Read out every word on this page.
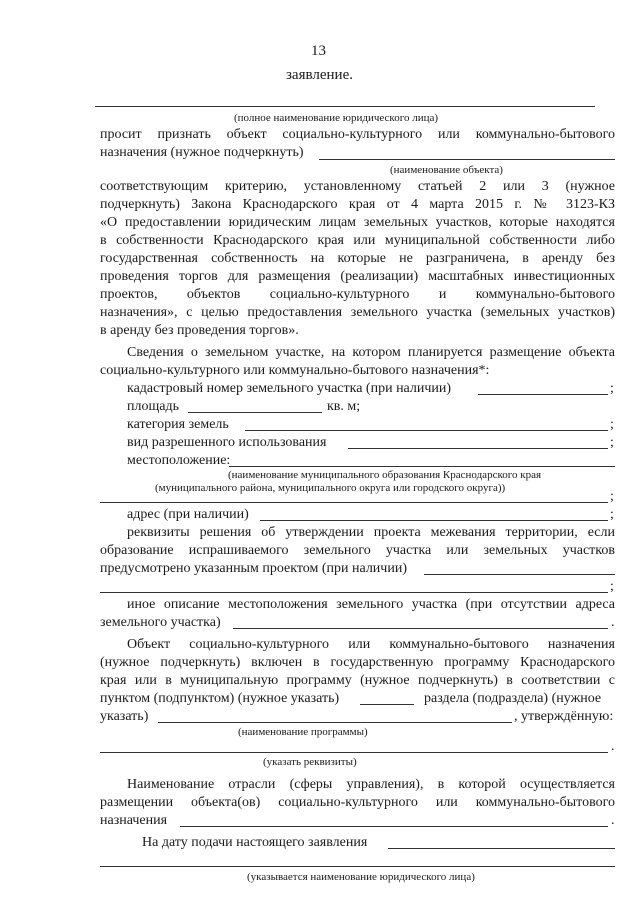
13
заявление.
(полное наименование юридического лица)
просит признать объект социально-культурного или коммунально-бытового
назначения (нужное подчеркнуть)
(наименование объекта)
соответствующим критерию, установленному статьей 2 или 3 (нужное
подчеркнуть) Закона Краснодарского края от 4 марта 2015 г. № 3123-КЗ
«О предоставлении юридическим лицам земельных участков, которые находятся
в собственности Краснодарского края или муниципальной собственности либо
государственная собственность на которые не разграничена, в аренду без
проведения торгов для размещения (реализации) масштабных инвестиционных
проектов, объектов социально-культурного и коммунально-бытового
назначения», с целью предоставления земельного участка (земельных участков)
в аренду без проведения торгов».
Сведения о земельном участке, на котором планируется размещение объекта
социально-культурного или коммунально-бытового назначения*:
кадастровый номер земельного участка (при наличии)	;
площадь	кв. м;
категория земель	;
вид разрешенного использования	;
местоположение:
(наименование муниципального образования Краснодарского края
(муниципального района, муниципального округа или городского округа))
;
адрес (при наличии)	;
реквизиты решения об утверждении проекта межевания территории, если
образование испрашиваемого земельного участка или земельных участков
предусмотрено указанным проектом (при наличии)
;
иное описание местоположения земельного участка (при отсутствии адреса
земельного участка)	.
Объект социально-культурного или коммунально-бытового назначения
(нужное подчеркнуть) включен в государственную программу Краснодарского
края или в муниципальную программу (нужное подчеркнуть) в соответствии с
пунктом (подпунктом) (нужное указать)	раздела (подраздела) (нужное
указать)	, утверждённую:
(наименование программы)
.
(указать реквизиты)
Наименование отрасли (сферы управления), в которой осуществляется
размещении объекта(ов) социально-культурного или коммунально-бытового
назначения	.
На дату подачи настоящего заявления
(указывается наименование юридического лица)
